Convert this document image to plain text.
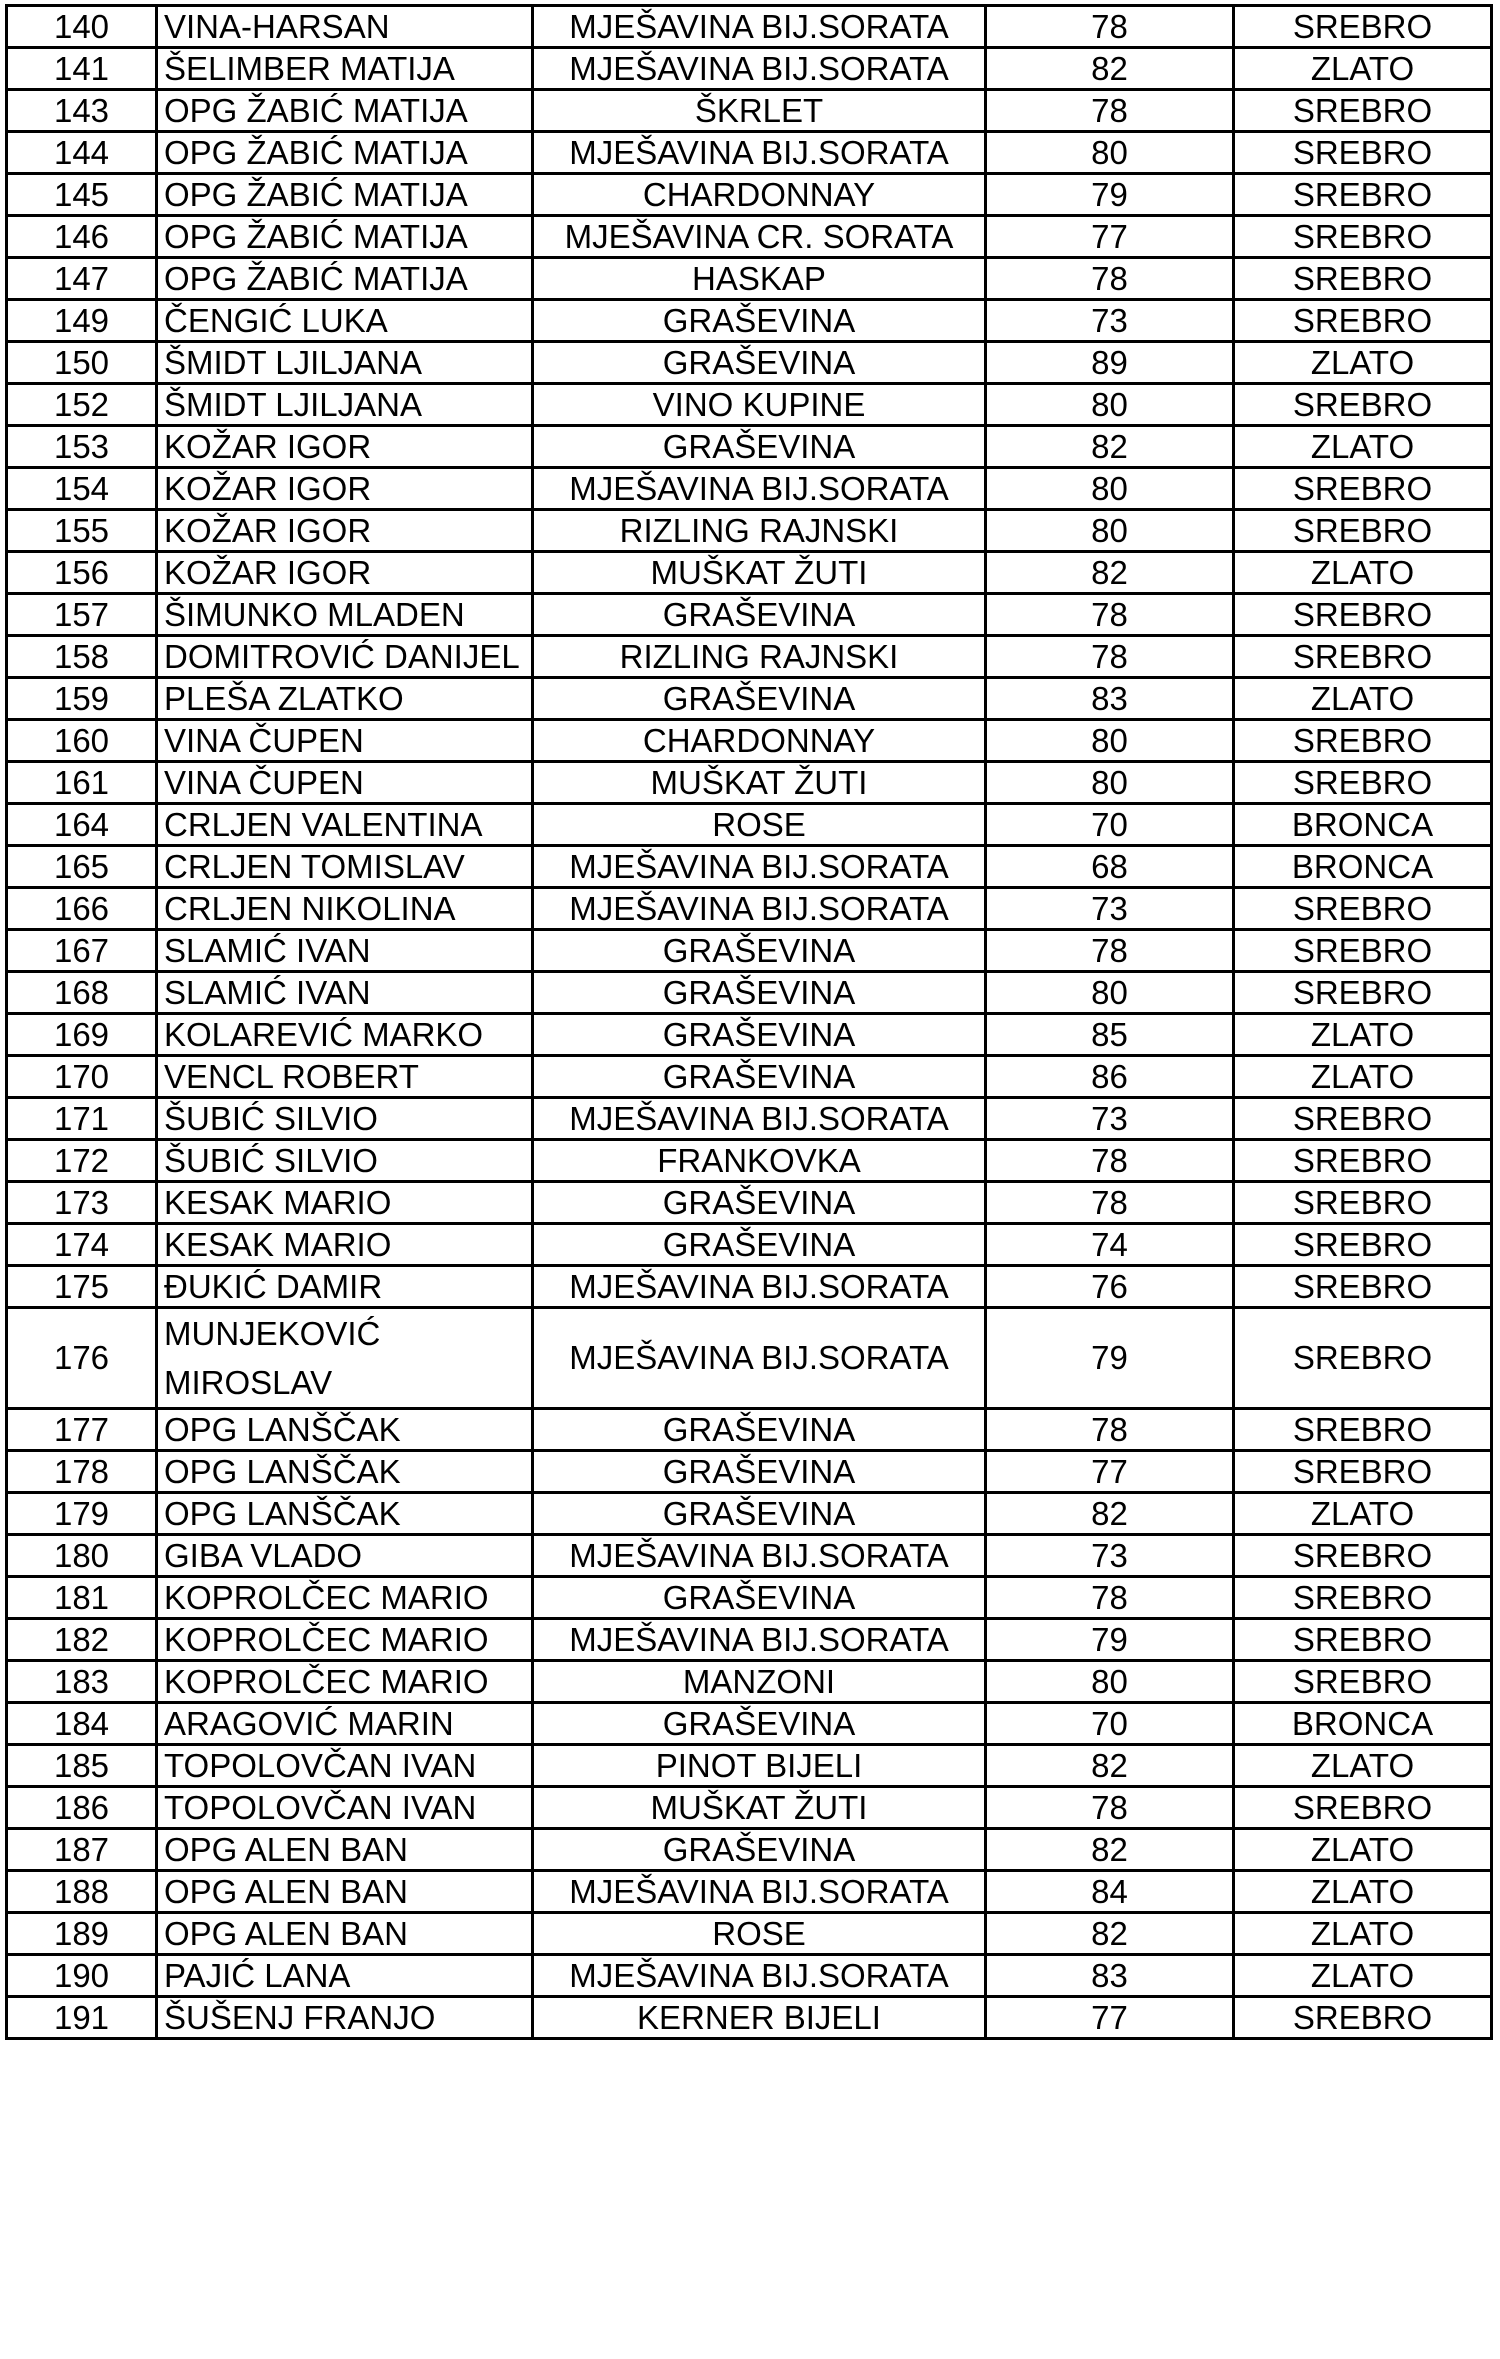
140	VINA-HARSAN	MJEŠAVINA BIJ.SORATA	78	SREBRO
141	ŠELIMBER MATIJA	MJEŠAVINA BIJ.SORATA	82	ZLATO
143	OPG ŽABIĆ MATIJA	ŠKRLET	78	SREBRO
144	OPG ŽABIĆ MATIJA	MJEŠAVINA BIJ.SORATA	80	SREBRO
145	OPG ŽABIĆ MATIJA	CHARDONNAY	79	SREBRO
146	OPG ŽABIĆ MATIJA	MJEŠAVINA CR. SORATA	77	SREBRO
147	OPG ŽABIĆ MATIJA	HASKAP	78	SREBRO
149	ČENGIĆ LUKA	GRAŠEVINA	73	SREBRO
150	ŠMIDT LJILJANA	GRAŠEVINA	89	ZLATO
152	ŠMIDT LJILJANA	VINO KUPINE	80	SREBRO
153	KOŽAR IGOR	GRAŠEVINA	82	ZLATO
154	KOŽAR IGOR	MJEŠAVINA BIJ.SORATA	80	SREBRO
155	KOŽAR IGOR	RIZLING RAJNSKI	80	SREBRO
156	KOŽAR IGOR	MUŠKAT ŽUTI	82	ZLATO
157	ŠIMUNKO MLADEN	GRAŠEVINA	78	SREBRO
158	DOMITROVIĆ DANIJEL	RIZLING RAJNSKI	78	SREBRO
159	PLEŠA ZLATKO	GRAŠEVINA	83	ZLATO
160	VINA ČUPEN	CHARDONNAY	80	SREBRO
161	VINA ČUPEN	MUŠKAT ŽUTI	80	SREBRO
164	CRLJEN VALENTINA	ROSE	70	BRONCA
165	CRLJEN TOMISLAV	MJEŠAVINA BIJ.SORATA	68	BRONCA
166	CRLJEN NIKOLINA	MJEŠAVINA BIJ.SORATA	73	SREBRO
167	SLAMIĆ IVAN	GRAŠEVINA	78	SREBRO
168	SLAMIĆ IVAN	GRAŠEVINA	80	SREBRO
169	KOLAREVIĆ MARKO	GRAŠEVINA	85	ZLATO
170	VENCL ROBERT	GRAŠEVINA	86	ZLATO
171	ŠUBIĆ SILVIO	MJEŠAVINA BIJ.SORATA	73	SREBRO
172	ŠUBIĆ SILVIO	FRANKOVKA	78	SREBRO
173	KESAK MARIO	GRAŠEVINA	78	SREBRO
174	KESAK MARIO	GRAŠEVINA	74	SREBRO
175	ĐUKIĆ DAMIR	MJEŠAVINA BIJ.SORATA	76	SREBRO
176	MUNJEKOVIĆ MIROSLAV	MJEŠAVINA BIJ.SORATA	79	SREBRO
177	OPG LANŠČAK	GRAŠEVINA	78	SREBRO
178	OPG LANŠČAK	GRAŠEVINA	77	SREBRO
179	OPG LANŠČAK	GRAŠEVINA	82	ZLATO
180	GIBA VLADO	MJEŠAVINA BIJ.SORATA	73	SREBRO
181	KOPROLČEC MARIO	GRAŠEVINA	78	SREBRO
182	KOPROLČEC MARIO	MJEŠAVINA BIJ.SORATA	79	SREBRO
183	KOPROLČEC MARIO	MANZONI	80	SREBRO
184	ARAGOVIĆ MARIN	GRAŠEVINA	70	BRONCA
185	TOPOLOVČAN IVAN	PINOT BIJELI	82	ZLATO
186	TOPOLOVČAN IVAN	MUŠKAT ŽUTI	78	SREBRO
187	OPG ALEN BAN	GRAŠEVINA	82	ZLATO
188	OPG ALEN BAN	MJEŠAVINA BIJ.SORATA	84	ZLATO
189	OPG ALEN BAN	ROSE	82	ZLATO
190	PAJIĆ LANA	MJEŠAVINA BIJ.SORATA	83	ZLATO
191	ŠUŠENJ FRANJO	KERNER BIJELI	77	SREBRO
